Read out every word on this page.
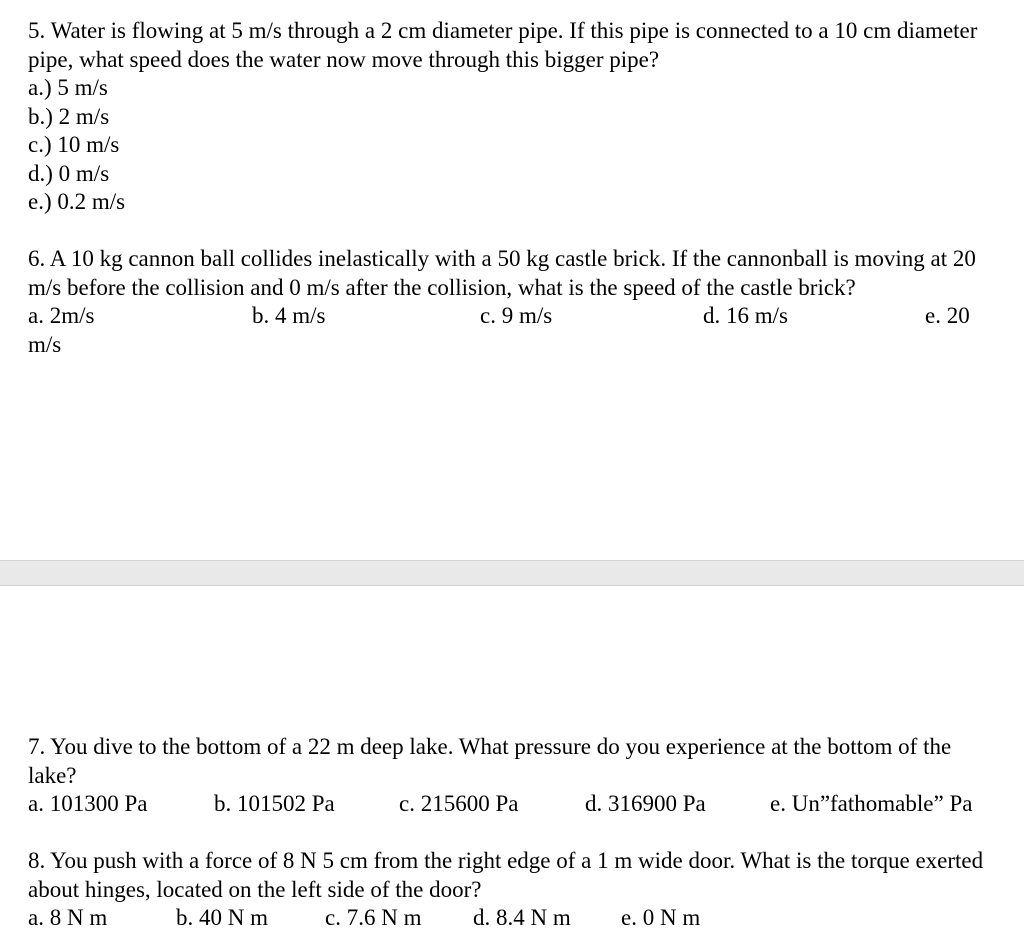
5. Water is flowing at 5 m/s through a 2 cm diameter pipe. If this pipe is connected to a 10 cm diameter pipe, what speed does the water now move through this bigger pipe?

a.) 5 m/s

b.) 2 m/s

c.) 10 m/s

d.) 0 m/s

e.) 0.2 m/s

6. A 10 kg cannon ball collides inelastically with a 50 kg castle brick. If the cannonball is moving at 20 m/s before the collision and 0 m/s after the collision, what is the speed of the castle brick?

a. 2m/s	b. 4 m/s	c. 9 m/s	d. 16 m/s	e. 20

m/s

7. You dive to the bottom of a 22 m deep lake. What pressure do you experience at the bottom of the lake?

a. 101300 Pa	b. 101502 Pa	c. 215600 Pa	d. 316900 Pa	e. Un”fathomable” Pa

8. You push with a force of 8 N 5 cm from the right edge of a 1 m wide door. What is the torque exerted about hinges, located on the left side of the door?

a. 8 N m	b. 40 N m c. 7.6 N m d. 8.4 N m e. 0 N m
